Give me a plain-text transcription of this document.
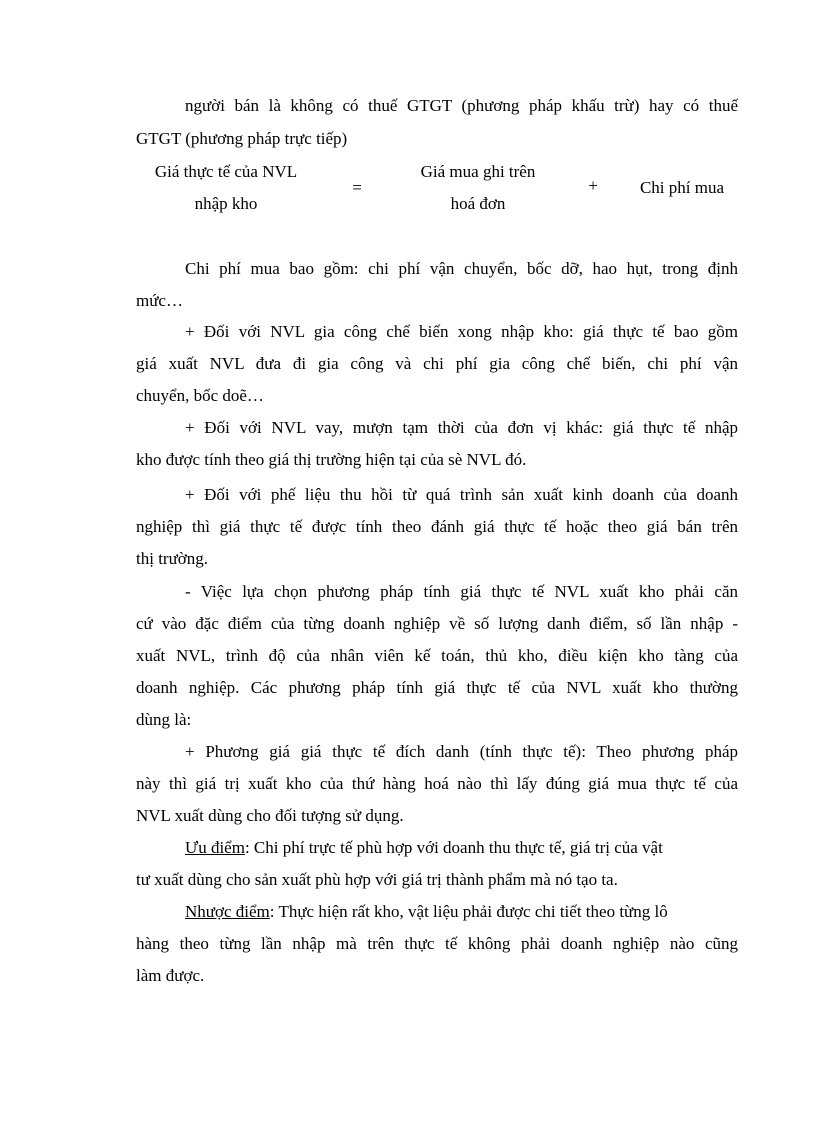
người bán là không có thuế GTGT (phương pháp khấu trừ) hay có thuế
GTGT (phương pháp trực tiếp)
Giá thực tế của NVL
nhập kho
=
Giá mua ghi trên
hoá đơn
+	Chi phí mua
Chi phí mua bao gồm: chi phí vận chuyển, bốc dỡ, hao hụt, trong định
mức…
+ Đối với NVL gia công chế biến xong nhập kho: giá thực tế bao gồm
giá xuất NVL đưa đi gia công và chi phí gia công chế biến, chi phí vận
chuyển, bốc doẽ…
+ Đối với NVL vay, mượn tạm thời của đơn vị khác: giá thực tế nhập
kho được tính theo giá thị trường hiện tại của sè NVL đó.
+ Đối với phế liệu thu hồi từ quá trình sản xuất kinh doanh của doanh
nghiệp thì giá thực tế được tính theo đánh giá thực tế hoặc theo giá bán trên
thị trường.
- Việc lựa chọn phương pháp tính giá thực tế NVL xuất kho phải căn
cứ vào đặc điểm của từng doanh nghiệp về số lượng danh điểm, số lần nhập -
xuất NVL, trình độ của nhân viên kế toán, thủ kho, điều kiện kho tàng của
doanh nghiệp. Các phương pháp tính giá thực tế của NVL xuất kho thường
dùng là:
+ Phương giá giá thực tế đích danh (tính thực tế): Theo phương pháp
này thì giá trị xuất kho của thứ hàng hoá nào thì lấy đúng giá mua thực tế của
NVL xuất dùng cho đối tượng sử dụng.
Ưu điểm: Chi phí trực tế phù hợp với doanh thu thực tế, giá trị của vật
tư xuất dùng cho sản xuất phù hợp với giá trị thành phẩm mà nó tạo ta.
Nhược điểm: Thực hiện rất kho, vật liệu phải được chi tiết theo từng lô
hàng theo từng lần nhập mà trên thực tế không phải doanh nghiệp nào cũng
làm được.
